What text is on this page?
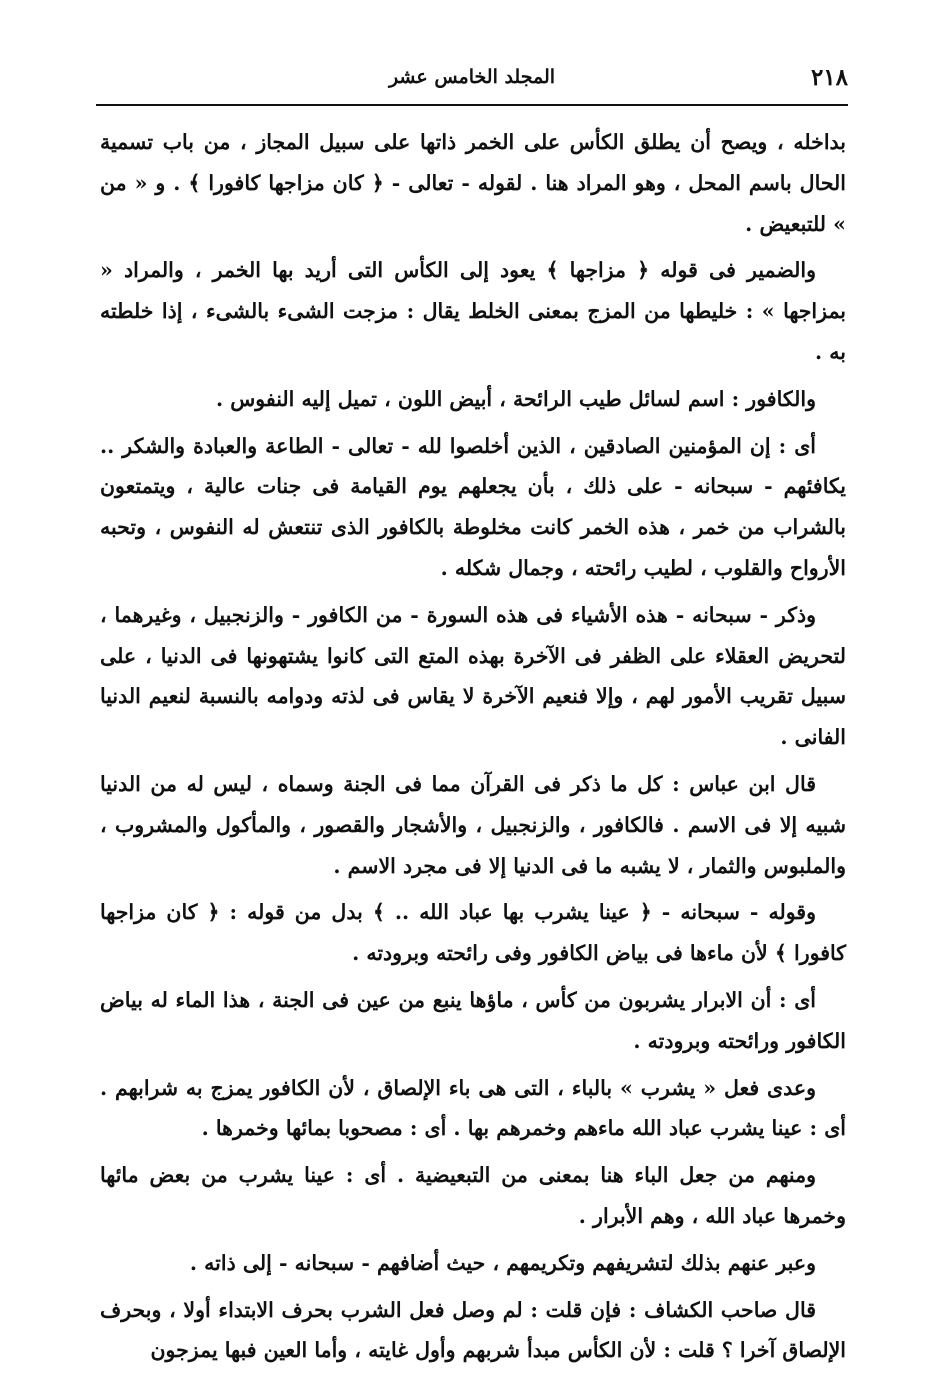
٢١٨
المجلد الخامس عشر

بداخله ، ويصح أن يطلق الكأس على الخمر ذاتها على سبيل المجاز ، من باب تسمية الحال باسم المحل ، وهو المراد هنا . لقوله - تعالى - ﴿ كان مزاجها كافورا ﴾ . و « من » للتبعيض .

والضمير فى قوله ﴿ مزاجها ﴾ يعود إلى الكأس التى أريد بها الخمر ، والمراد « بمزاجها » : خليطها من المزج بمعنى الخلط يقال : مزجت الشىء بالشىء ، إذا خلطته به .

والكافور : اسم لسائل طيب الرائحة ، أبيض اللون ، تميل إليه النفوس .

أى : إن المؤمنين الصادقين ، الذين أخلصوا لله - تعالى - الطاعة والعبادة والشكر .. يكافئهم - سبحانه - على ذلك ، بأن يجعلهم يوم القيامة فى جنات عالية ، ويتمتعون بالشراب من خمر ، هذه الخمر كانت مخلوطة بالكافور الذى تنتعش له النفوس ، وتحبه الأرواح والقلوب ، لطيب رائحته ، وجمال شكله .

وذكر - سبحانه - هذه الأشياء فى هذه السورة - من الكافور - والزنجبيل ، وغيرهما ، لتحريض العقلاء على الظفر فى الآخرة بهذه المتع التى كانوا يشتهونها فى الدنيا ، على سبيل تقريب الأمور لهم ، وإلا فنعيم الآخرة لا يقاس فى لذته ودوامه بالنسبة لنعيم الدنيا الفانى .

قال ابن عباس : كل ما ذكر فى القرآن مما فى الجنة وسماه ، ليس له من الدنيا شبيه إلا فى الاسم . فالكافور ، والزنجبيل ، والأشجار والقصور ، والمأكول والمشروب ، والملبوس والثمار ، لا يشبه ما فى الدنيا إلا فى مجرد الاسم .

وقوله - سبحانه - ﴿ عينا يشرب بها عباد الله .. ﴾ بدل من قوله : ﴿ كان مزاجها كافورا ﴾ لأن ماءها فى بياض الكافور وفى رائحته وبرودته .

أى : أن الابرار يشربون من كأس ، ماؤها ينبع من عين فى الجنة ، هذا الماء له بياض الكافور ورائحته وبرودته .

وعدى فعل « يشرب » بالباء ، التى هى باء الإلصاق ، لأن الكافور يمزج به شرابهم . أى : عينا يشرب عباد الله ماءهم وخمرهم بها . أى : مصحوبا بمائها وخمرها .

ومنهم من جعل الباء هنا بمعنى من التبعيضية . أى : عينا يشرب من بعض مائها وخمرها عباد الله ، وهم الأبرار .

وعبر عنهم بذلك لتشريفهم وتكريمهم ، حيث أضافهم - سبحانه - إلى ذاته .

قال صاحب الكشاف : فإن قلت : لم وصل فعل الشرب بحرف الابتداء أولا ، وبحرف الإلصاق آخرا ؟ قلت : لأن الكأس مبدأ شربهم وأول غايته ، وأما العين فبها يمزجون
